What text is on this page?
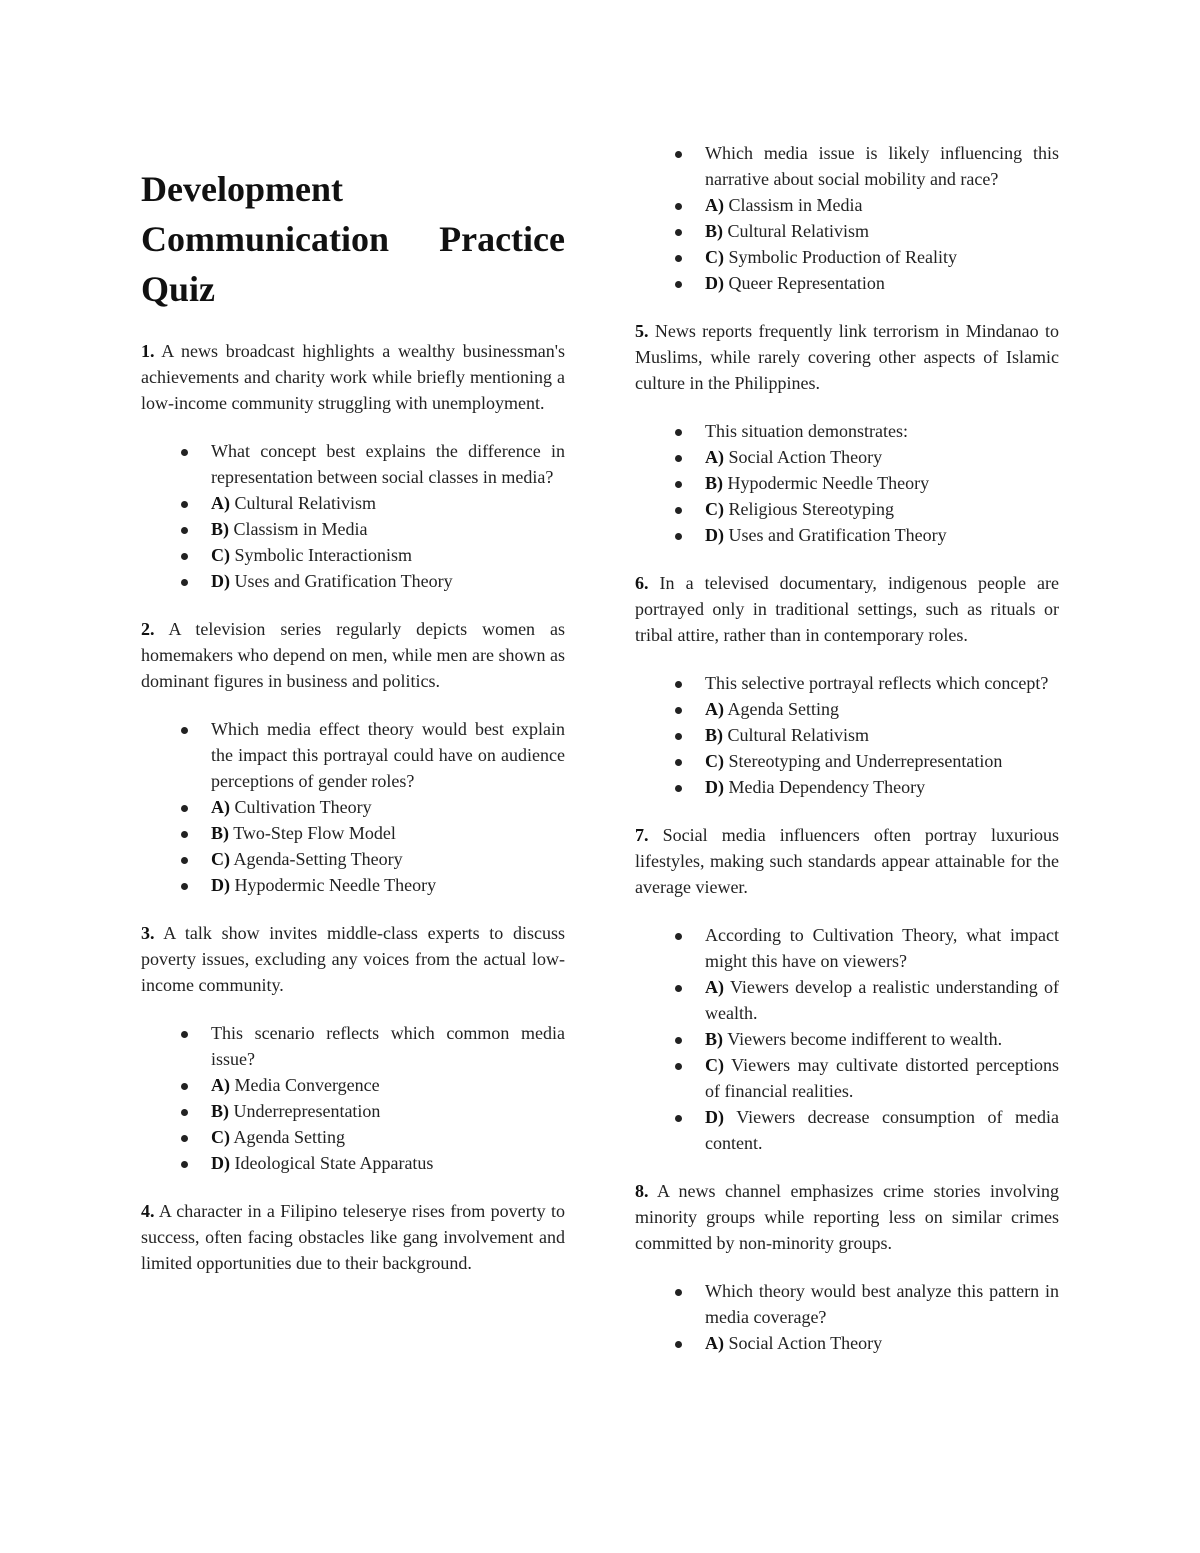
Development
Communication Practice
Quiz

1. A news broadcast highlights a wealthy businessman's achievements and charity work while briefly mentioning a low-income community struggling with unemployment.

What concept best explains the difference in representation between social classes in media?
A) Cultural Relativism
B) Classism in Media
C) Symbolic Interactionism
D) Uses and Gratification Theory

2. A television series regularly depicts women as homemakers who depend on men, while men are shown as dominant figures in business and politics.

Which media effect theory would best explain the impact this portrayal could have on audience perceptions of gender roles?
A) Cultivation Theory
B) Two-Step Flow Model
C) Agenda-Setting Theory
D) Hypodermic Needle Theory

3. A talk show invites middle-class experts to discuss poverty issues, excluding any voices from the actual low-income community.

This scenario reflects which common media issue?
A) Media Convergence
B) Underrepresentation
C) Agenda Setting
D) Ideological State Apparatus

4. A character in a Filipino teleserye rises from poverty to success, often facing obstacles like gang involvement and limited opportunities due to their background.

Which media issue is likely influencing this narrative about social mobility and race?
A) Classism in Media
B) Cultural Relativism
C) Symbolic Production of Reality
D) Queer Representation

5. News reports frequently link terrorism in Mindanao to Muslims, while rarely covering other aspects of Islamic culture in the Philippines.

This situation demonstrates:
A) Social Action Theory
B) Hypodermic Needle Theory
C) Religious Stereotyping
D) Uses and Gratification Theory

6. In a televised documentary, indigenous people are portrayed only in traditional settings, such as rituals or tribal attire, rather than in contemporary roles.

This selective portrayal reflects which concept?
A) Agenda Setting
B) Cultural Relativism
C) Stereotyping and Underrepresentation
D) Media Dependency Theory

7. Social media influencers often portray luxurious lifestyles, making such standards appear attainable for the average viewer.

According to Cultivation Theory, what impact might this have on viewers?
A) Viewers develop a realistic understanding of wealth.
B) Viewers become indifferent to wealth.
C) Viewers may cultivate distorted perceptions of financial realities.
D) Viewers decrease consumption of media content.

8. A news channel emphasizes crime stories involving minority groups while reporting less on similar crimes committed by non-minority groups.

Which theory would best analyze this pattern in media coverage?
A) Social Action Theory
